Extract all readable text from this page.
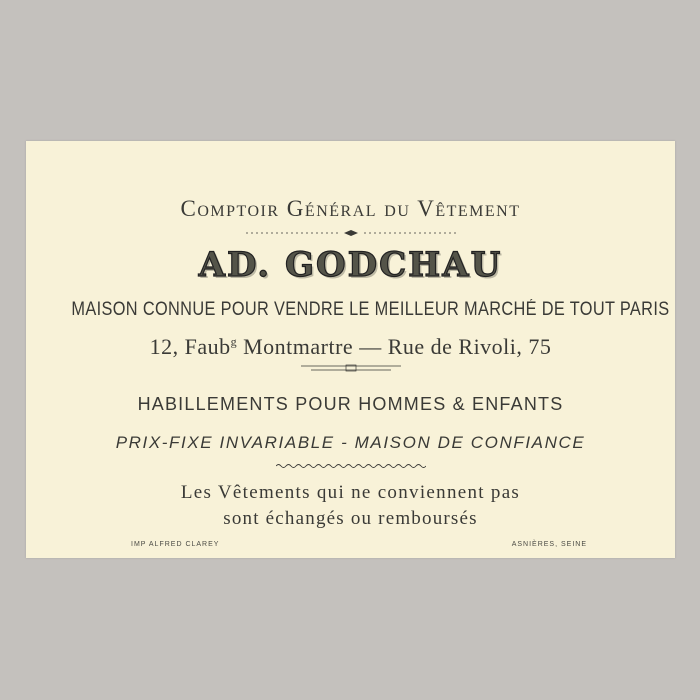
Comptoir Général du Vêtement
AD. GODCHAU
MAISON CONNUE POUR VENDRE LE MEILLEUR MARCHÉ DE TOUT PARIS
12, Faub$^g$ Montmartre — Rue de Rivoli, 75
HABILLEMENTS POUR HOMMES & ENFANTS
PRIX-FIXE INVARIABLE - MAISON DE CONFIANCE
Les Vêtements qui ne conviennent pas
sont échangés ou remboursés
IMP ALFRED CLAREY	ASNIÈRES, SEINE
